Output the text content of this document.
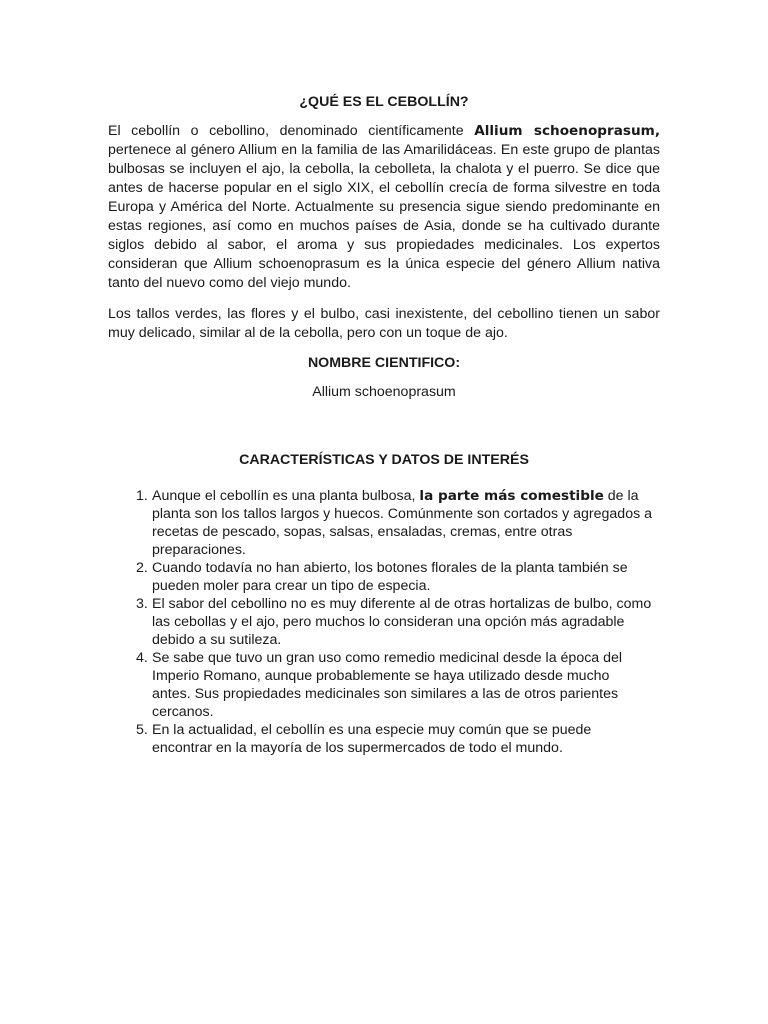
¿QUÉ ES EL CEBOLLÍN?

El cebollín o cebollino, denominado científicamente Allium schoenoprasum, pertenece al género Allium en la familia de las Amarilidáceas. En este grupo de plantas bulbosas se incluyen el ajo, la cebolla, la cebolleta, la chalota y el puerro. Se dice que antes de hacerse popular en el siglo XIX, el cebollín crecía de forma silvestre en toda Europa y América del Norte. Actualmente su presencia sigue siendo predominante en estas regiones, así como en muchos países de Asia, donde se ha cultivado durante siglos debido al sabor, el aroma y sus propiedades medicinales. Los expertos consideran que Allium schoenoprasum es la única especie del género Allium nativa tanto del nuevo como del viejo mundo.

Los tallos verdes, las flores y el bulbo, casi inexistente, del cebollino tienen un sabor muy delicado, similar al de la cebolla, pero con un toque de ajo.

NOMBRE CIENTIFICO:

Allium schoenoprasum

CARACTERÍSTICAS Y DATOS DE INTERÉS
1. Aunque el cebollín es una planta bulbosa, la parte más comestible de la planta son los tallos largos y huecos. Comúnmente son cortados y agregados a recetas de pescado, sopas, salsas, ensaladas, cremas, entre otras preparaciones.
2. Cuando todavía no han abierto, los botones florales de la planta también se pueden moler para crear un tipo de especia.
3. El sabor del cebollino no es muy diferente al de otras hortalizas de bulbo, como las cebollas y el ajo, pero muchos lo consideran una opción más agradable debido a su sutileza.
4. Se sabe que tuvo un gran uso como remedio medicinal desde la época del Imperio Romano, aunque probablemente se haya utilizado desde mucho antes. Sus propiedades medicinales son similares a las de otros parientes cercanos.
5. En la actualidad, el cebollín es una especie muy común que se puede encontrar en la mayoría de los supermercados de todo el mundo.
